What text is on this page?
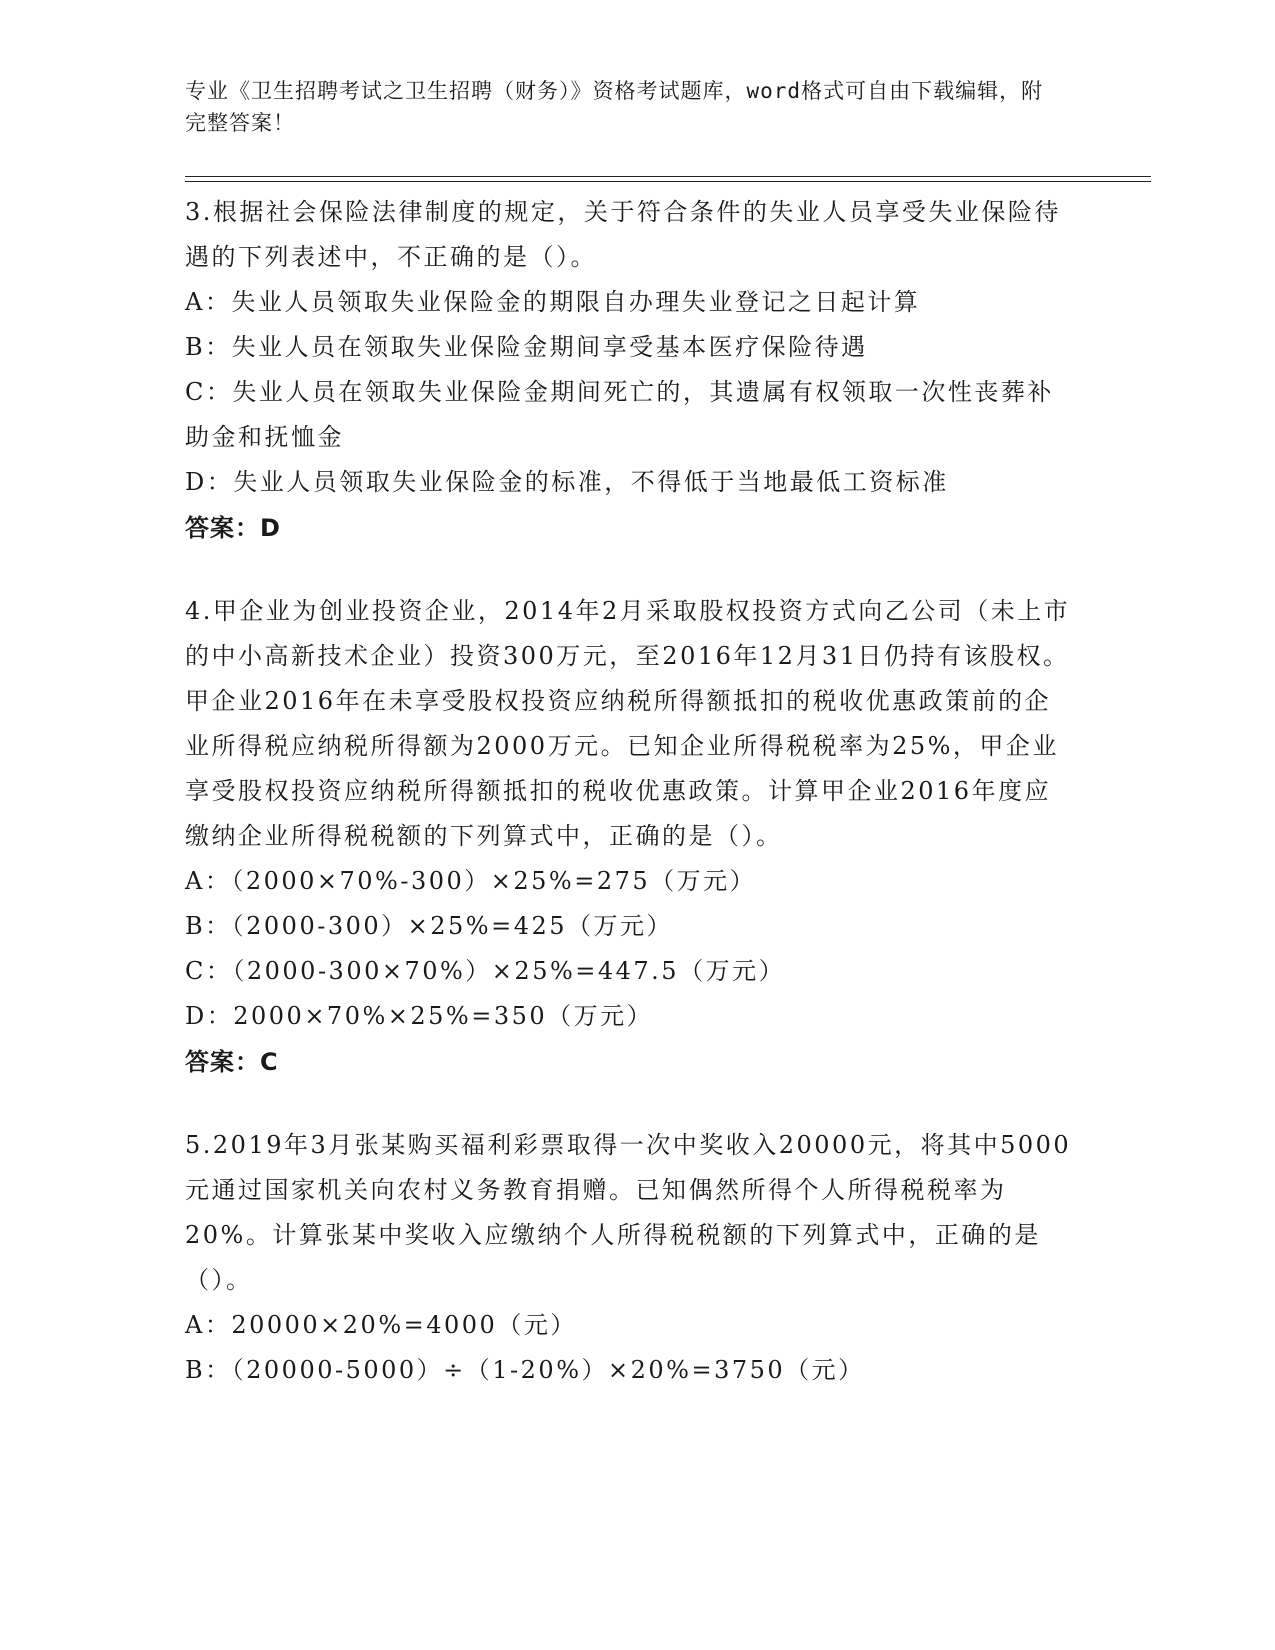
专业《卫生招聘考试之卫生招聘（财务）》资格考试题库，word格式可自由下载编辑，附完整答案！
3.根据社会保险法律制度的规定，关于符合条件的失业人员享受失业保险待遇的下列表述中，不正确的是（）。
A：失业人员领取失业保险金的期限自办理失业登记之日起计算
B：失业人员在领取失业保险金期间享受基本医疗保险待遇
C：失业人员在领取失业保险金期间死亡的，其遗属有权领取一次性丧葬补助金和抚恤金
D：失业人员领取失业保险金的标准，不得低于当地最低工资标准
答案：D
4.甲企业为创业投资企业，2014年2月采取股权投资方式向乙公司（未上市的中小高新技术企业）投资300万元，至2016年12月31日仍持有该股权。甲企业2016年在未享受股权投资应纳税所得额抵扣的税收优惠政策前的企业所得税应纳税所得额为2000万元。已知企业所得税税率为25%，甲企业享受股权投资应纳税所得额抵扣的税收优惠政策。计算甲企业2016年度应缴纳企业所得税税额的下列算式中，正确的是（）。
A：（2000×70%-300）×25%=275（万元）
B：（2000-300）×25%=425（万元）
C：（2000-300×70%）×25%=447.5（万元）
D：2000×70%×25%=350（万元）
答案：C
5.2019年3月张某购买福利彩票取得一次中奖收入20000元，将其中5000元通过国家机关向农村义务教育捐赠。已知偶然所得个人所得税税率为20%。计算张某中奖收入应缴纳个人所得税税额的下列算式中，正确的是（）。
A：20000×20%=4000（元）
B：（20000-5000）÷（1-20%）×20%=3750（元）
